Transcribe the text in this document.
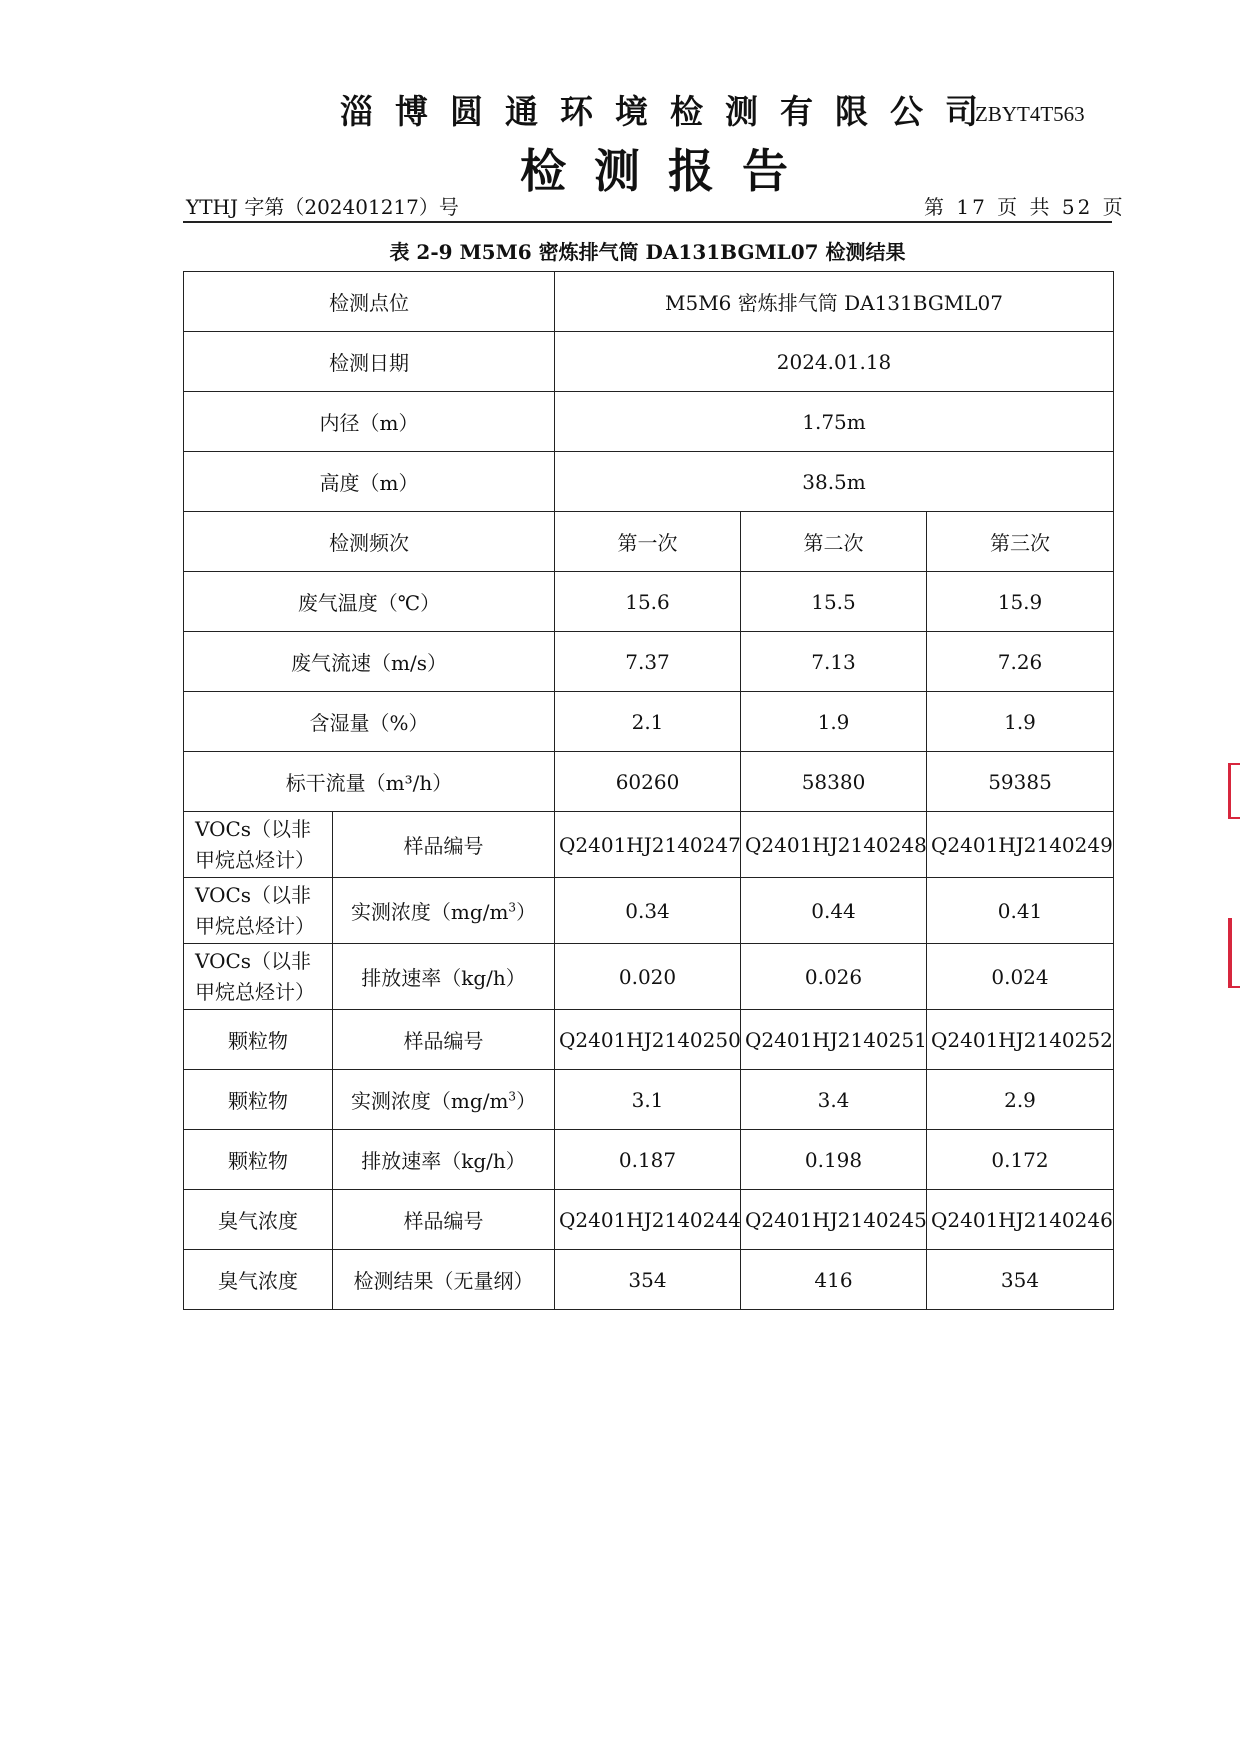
淄博圆通环境检测有限公司
ZBYT4T563
检测报告
YTHJ 字第（202401217）号	第 17 页 共 52 页
表 2-9 M5M6 密炼排气筒 DA131BGML07 检测结果
检测点位		M5M6 密炼排气筒 DA131BGML07		
检测日期		2024.01.18		
内径（m）		1.75m		
高度（m）		38.5m		
检测频次		第一次	第二次	第三次
废气温度（℃）		15.6	15.5	15.9
废气流速（m/s）		7.37	7.13	7.26
含湿量（%）		2.1	1.9	1.9
标干流量（m³/h）		60260	58380	59385
VOCs（以非甲烷总烃计）	样品编号	Q2401HJ2140247	Q2401HJ2140248	Q2401HJ2140249
VOCs（以非甲烷总烃计）	实测浓度$(mg/m^3)$	0.34	0.44	0.41
VOCs（以非甲烷总烃计）	排放速率（kg/h）	0.020	0.026	0.024
颗粒物	样品编号	Q2401HJ2140250	Q2401HJ2140251	Q2401HJ2140252
颗粒物	实测浓度$(mg/m^3)$	3.1	3.4	2.9
颗粒物	排放速率（kg/h）	0.187	0.198	0.172
臭气浓度	样品编号	Q2401HJ2140244	Q2401HJ2140245	Q2401HJ2140246
臭气浓度	检测结果（无量纲）	354	416	354
